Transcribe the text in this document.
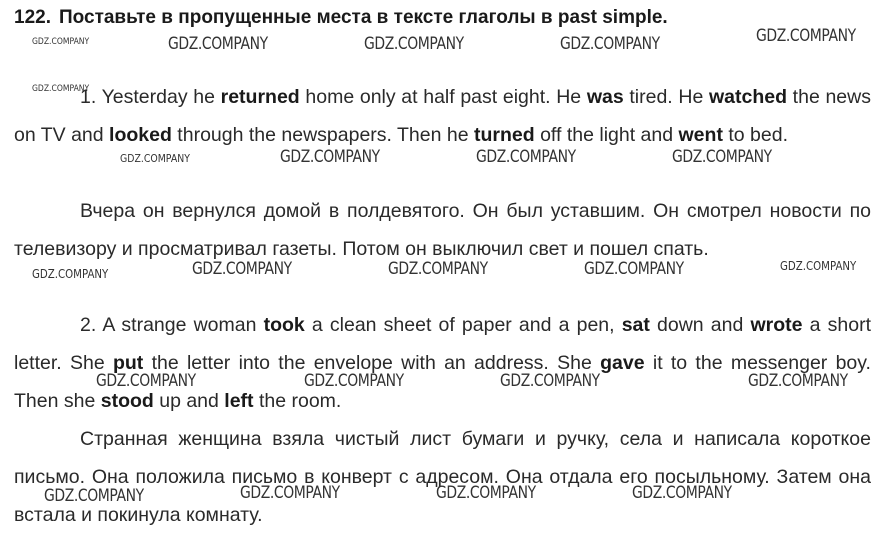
122. Поставьте в пропущенные места в тексте глаголы в past simple.

1. Yesterday he returned home only at half past eight. He was tired. He watched the news on TV and looked through the newspapers. Then he turned off the light and went to bed.

Вчера он вернулся домой в полдевятого. Он был уставшим. Он смотрел новости по телевизору и просматривал газеты. Потом он выключил свет и пошел спать.

2. A strange woman took a clean sheet of paper and a pen, sat down and wrote a short letter. She put the letter into the envelope with an address. She gave it to the messenger boy. Then she stood up and left the room.

Странная женщина взяла чистый лист бумаги и ручку, села и написала короткое письмо. Она положила письмо в конверт с адресом. Она отдала его посыльному. Затем она встала и покинула комнату.

GDZ.COMPANY	GDZ.COMPANY	GDZ.COMPANY	GDZ.COMPANY	GDZ.COMPANY
GDZ.COMPANY
GDZ.COMPANY	GDZ.COMPANY	GDZ.COMPANY	GDZ.COMPANY
GDZ.COMPANY	GDZ.COMPANY	GDZ.COMPANY	GDZ.COMPANY	GDZ.COMPANY
GDZ.COMPANY	GDZ.COMPANY	GDZ.COMPANY	GDZ.COMPANY
GDZ.COMPANY	GDZ.COMPANY	GDZ.COMPANY	GDZ.COMPANY
